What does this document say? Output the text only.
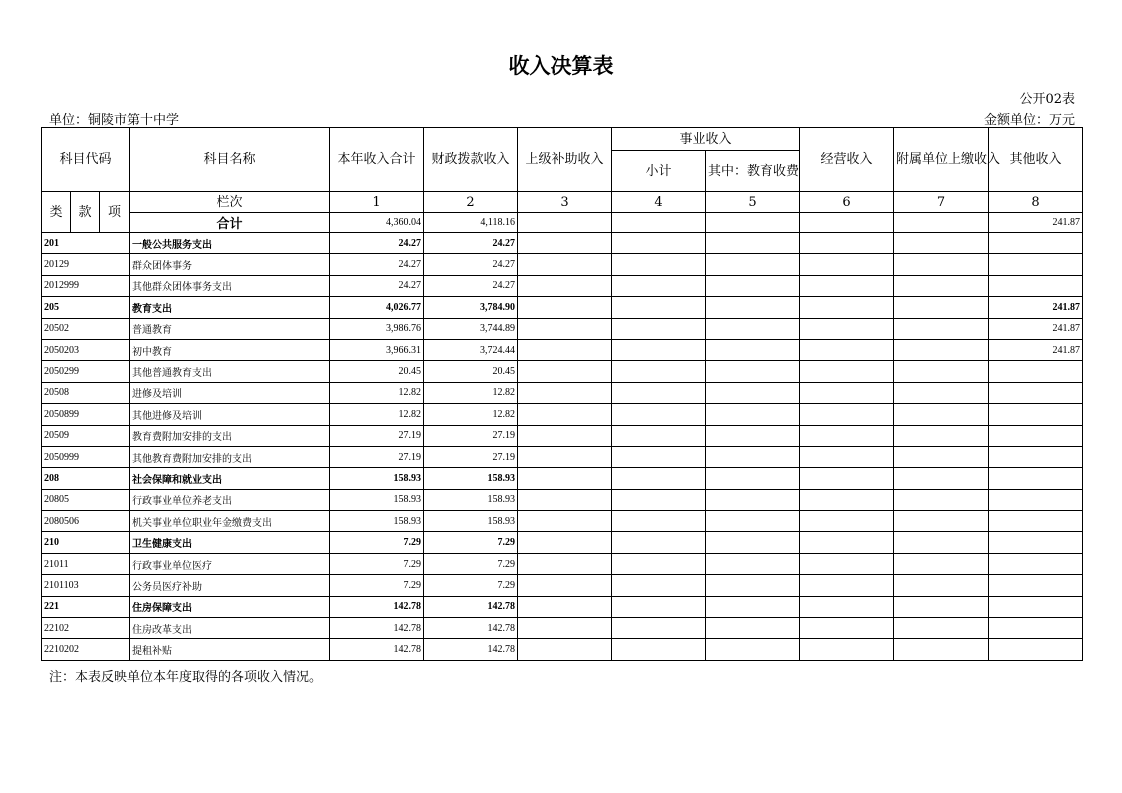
收入决算表
公开02表
单位：铜陵市第十中学	金额单位：万元
科目代码			科目名称	本年收入合计	财政拨款收入	上级补助收入	事业收入		经营收入	附属单位上缴收入	其他收入
							小计	其中：教育收费			
类	款	项	栏次	1	2	3	4	5	6	7	8
			合计	4,360.04	4,118.16						241.87
201			一般公共服务支出	24.27	24.27						
20129			群众团体事务	24.27	24.27						
2012999			其他群众团体事务支出	24.27	24.27						
205			教育支出	4,026.77	3,784.90						241.87
20502			普通教育	3,986.76	3,744.89						241.87
2050203			初中教育	3,966.31	3,724.44						241.87
2050299			其他普通教育支出	20.45	20.45						
20508			进修及培训	12.82	12.82						
2050899			其他进修及培训	12.82	12.82						
20509			教育费附加安排的支出	27.19	27.19						
2050999			其他教育费附加安排的支出	27.19	27.19						
208			社会保障和就业支出	158.93	158.93						
20805			行政事业单位养老支出	158.93	158.93						
2080506			机关事业单位职业年金缴费支出	158.93	158.93						
210			卫生健康支出	7.29	7.29						
21011			行政事业单位医疗	7.29	7.29						
2101103			公务员医疗补助	7.29	7.29						
221			住房保障支出	142.78	142.78						
22102			住房改革支出	142.78	142.78						
2210202			提租补贴	142.78	142.78						
注：本表反映单位本年度取得的各项收入情况。
